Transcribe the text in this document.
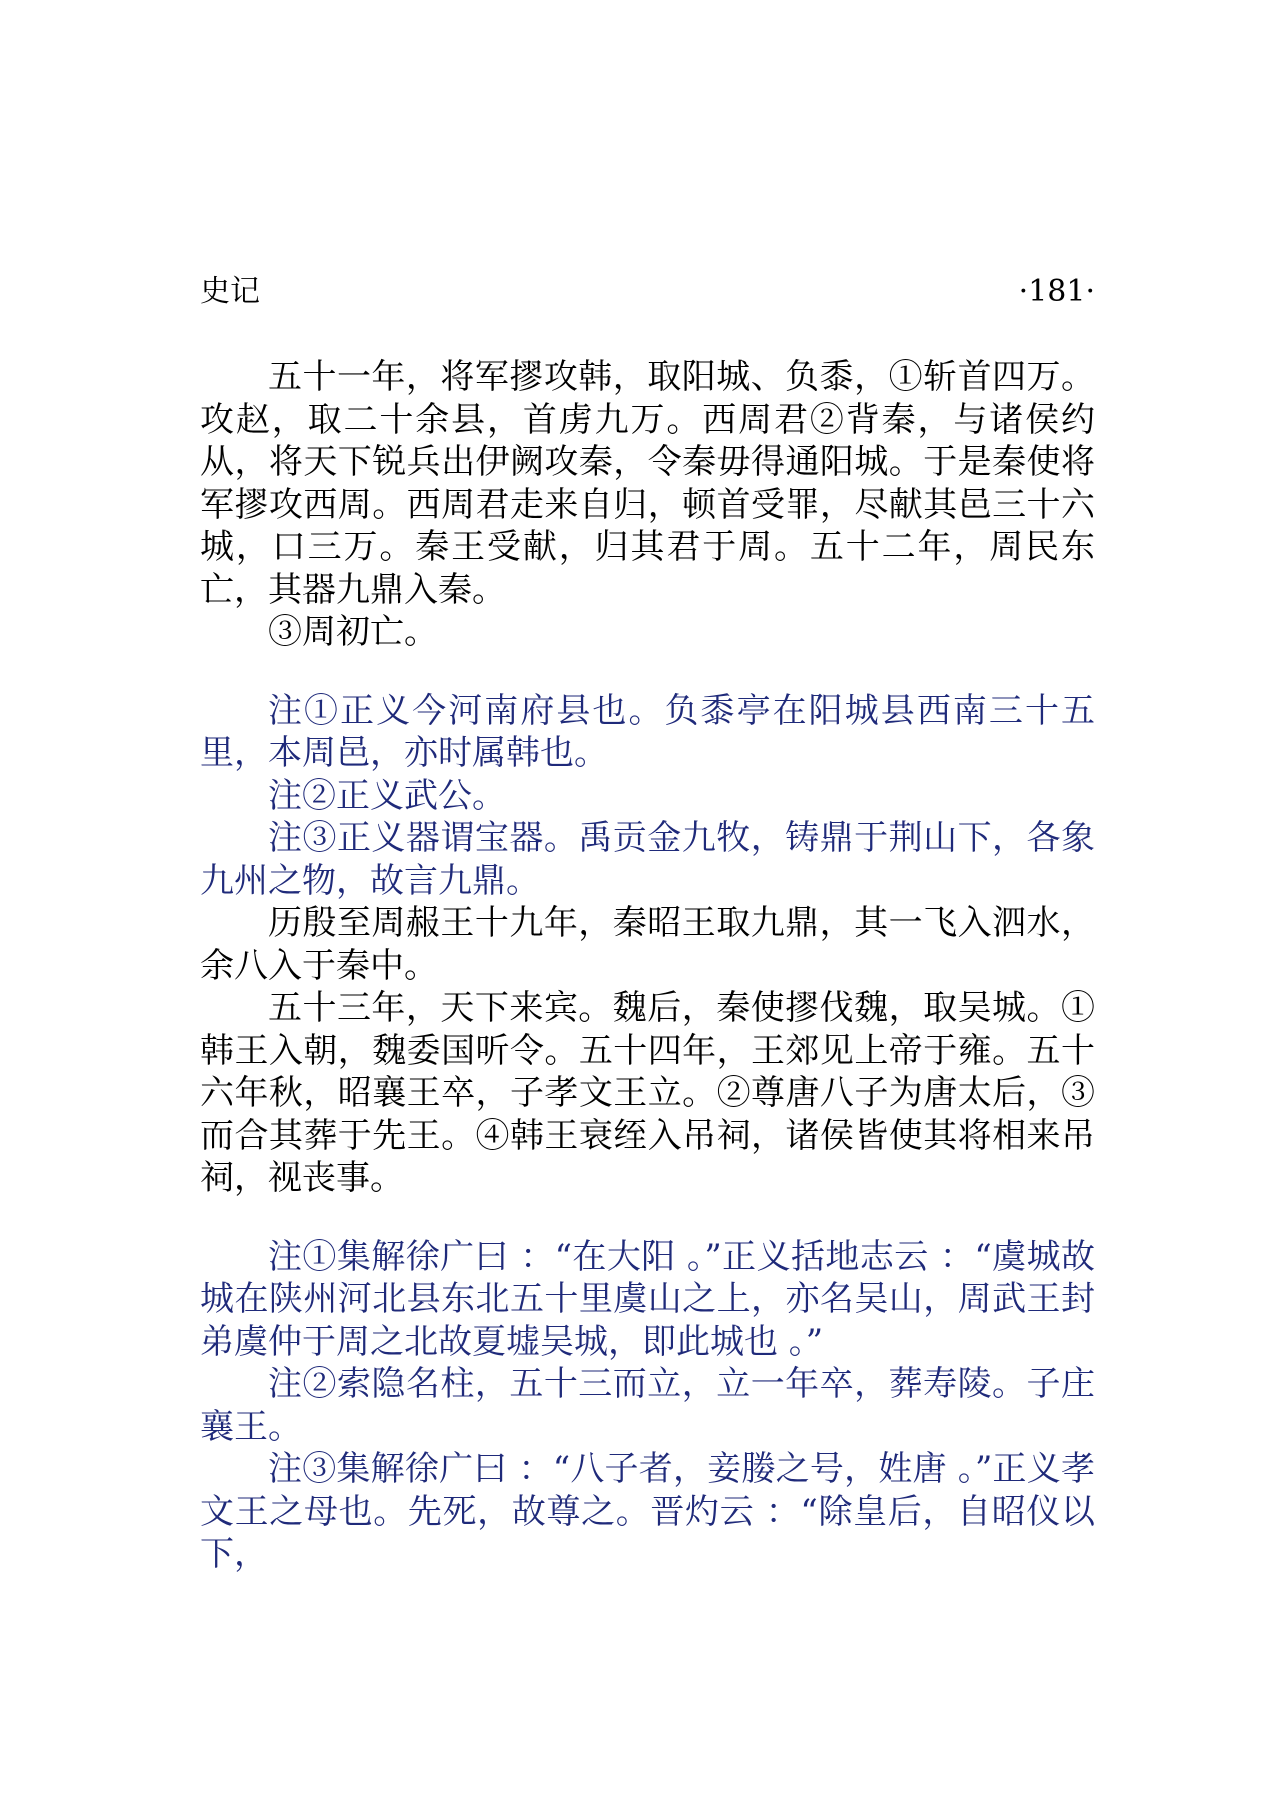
史记	·181·

五十一年，将军摎攻韩，取阳城、负黍，①斩首四万。攻赵，取二十余县，首虏九万。西周君②背秦，与诸侯约从，将天下锐兵出伊阙攻秦，令秦毋得通阳城。于是秦使将军摎攻西周。西周君走来自归，顿首受罪，尽献其邑三十六城，口三万。秦王受献，归其君于周。五十二年，周民东亡，其器九鼎入秦。

③周初亡。

注①正义今河南府县也。负黍亭在阳城县西南三十五里，本周邑，亦时属韩也。

注②正义武公。

注③正义器谓宝器。禹贡金九牧，铸鼎于荆山下，各象九州之物，故言九鼎。

历殷至周赧王十九年，秦昭王取九鼎，其一飞入泗水，余八入于秦中。

五十三年，天下来宾。魏后，秦使摎伐魏，取吴城。①韩王入朝，魏委国听令。五十四年，王郊见上帝于雍。五十六年秋，昭襄王卒，子孝文王立。②尊唐八子为唐太后，③而合其葬于先王。④韩王衰绖入吊祠，诸侯皆使其将相来吊祠，视丧事。

注①集解徐广曰 ：“在大阳 。”正义括地志云 ：“虞城故城在陕州河北县东北五十里虞山之上，亦名吴山，周武王封弟虞仲于周之北故夏墟吴城，即此城也 。”

注②索隐名柱，五十三而立，立一年卒，葬寿陵。子庄襄王。

注③集解徐广曰 ：“八子者，妾媵之号，姓唐 。”正义孝文王之母也。先死，故尊之。晋灼云 ：“除皇后，自昭仪以下，
